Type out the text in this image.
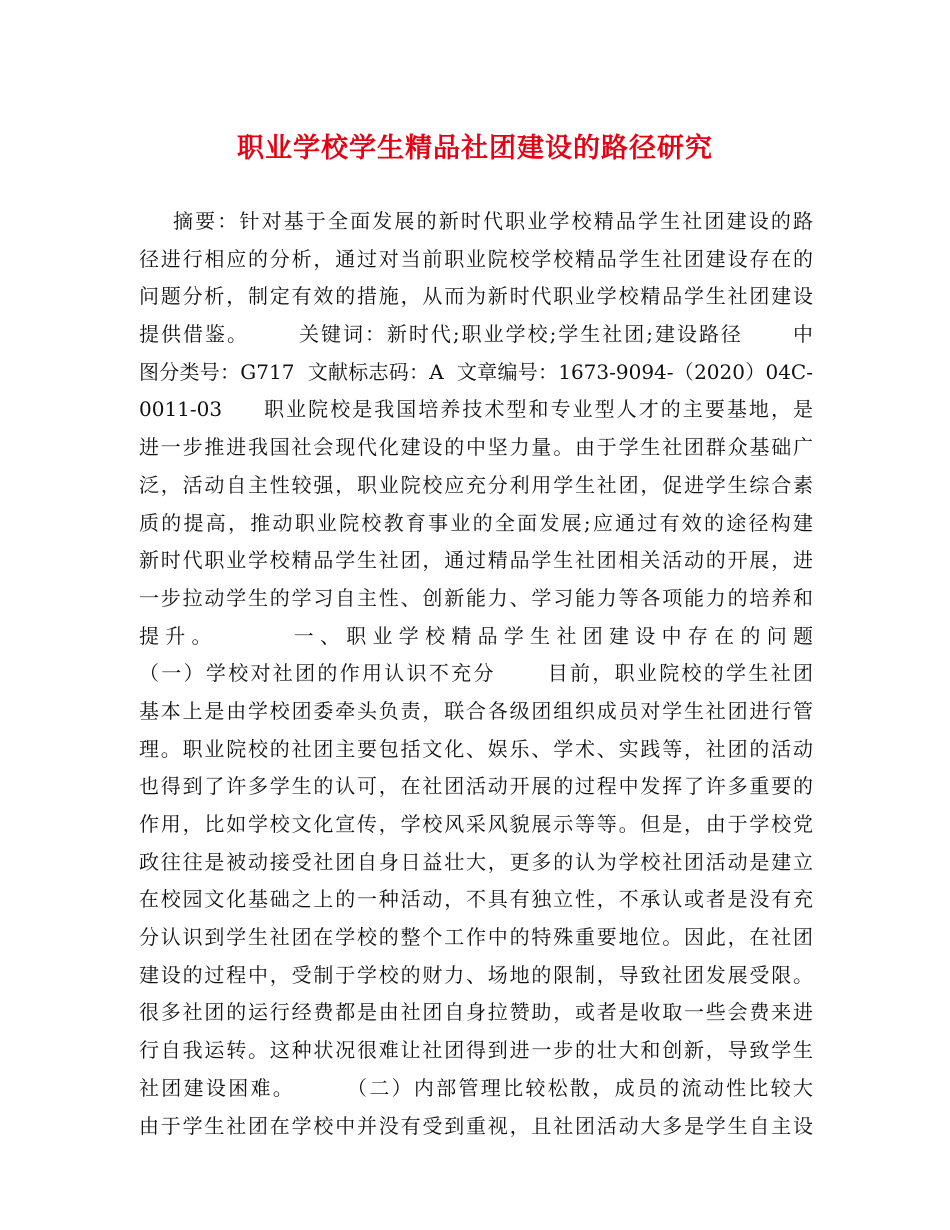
职业学校学生精品社团建设的路径研究
摘要：针对基于全面发展的新时代职业学校精品学生社团建设的路
径进行相应的分析，通过对当前职业院校学校精品学生社团建设存在的
问题分析，制定有效的措施，从而为新时代职业学校精品学生社团建设
提供借鉴。      关键词：新时代;职业学校;学生社团;建设路径      中
图分类号：G717  文献标志码：A  文章编号：1673-9094-（2020）04C-
0011-03     职业院校是我国培养技术型和专业型人才的主要基地，是
进一步推进我国社会现代化建设的中坚力量。由于学生社团群众基础广
泛，活动自主性较强，职业院校应充分利用学生社团，促进学生综合素
质的提高，推动职业院校教育事业的全面发展;应通过有效的途径构建
新时代职业学校精品学生社团，通过精品学生社团相关活动的开展，进
一步拉动学生的学习自主性、创新能力、学习能力等各项能力的培养和
提升。      一、职业学校精品学生社团建设中存在的问题
（一）学校对社团的作用认识不充分      目前，职业院校的学生社团
基本上是由学校团委牵头负责，联合各级团组织成员对学生社团进行管
理。职业院校的社团主要包括文化、娱乐、学术、实践等，社团的活动
也得到了许多学生的认可，在社团活动开展的过程中发挥了许多重要的
作用，比如学校文化宣传，学校风采风貌展示等等。但是，由于学校党
政往往是被动接受社团自身日益壮大，更多的认为学校社团活动是建立
在校园文化基础之上的一种活动，不具有独立性，不承认或者是没有充
分认识到学生社团在学校的整个工作中的特殊重要地位。因此，在社团
建设的过程中，受制于学校的财力、场地的限制，导致社团发展受限。
很多社团的运行经费都是由社团自身拉赞助，或者是收取一些会费来进
行自我运转。这种状况很难让社团得到进一步的壮大和创新，导致学生
社团建设困难。      （二）内部管理比较松散，成员的流动性比较大
由于学生社团在学校中并没有受到重视，且社团活动大多是学生自主设
